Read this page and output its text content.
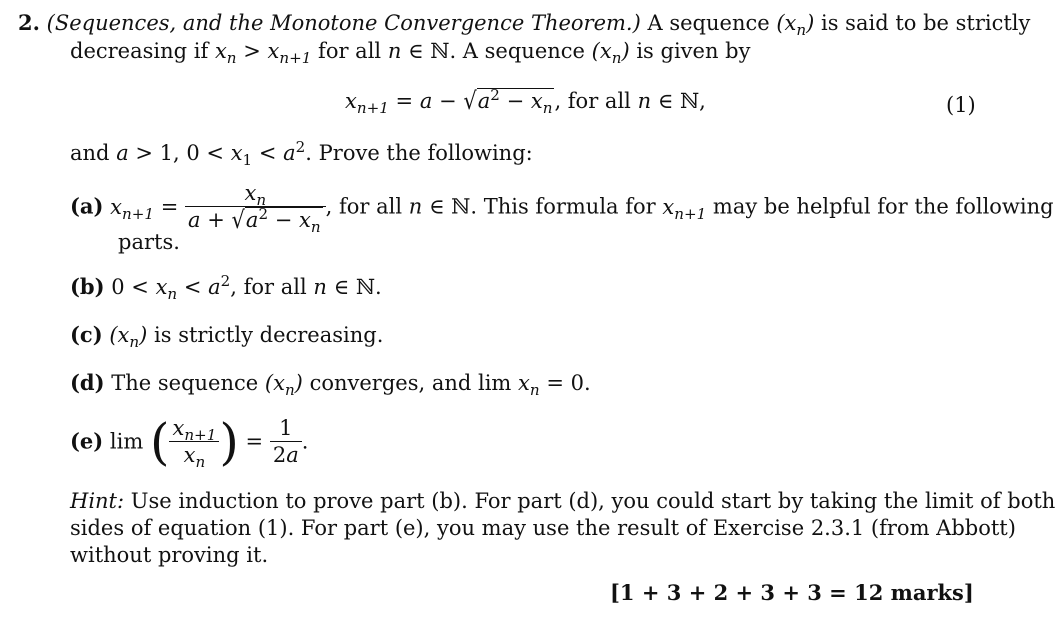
2. (Sequences, and the Monotone Convergence Theorem.) A sequence $(x_n)$ is said to be strictly
decreasing if $x_n > x_{n+1}$ for all n ∈ ℕ. A sequence $(x_n)$ is given by
$x_{n+1} = a - √a^2 - x_n$, for all n ∈ ℕ,	(1)
and a > 1, $0 < x_1 < a^2$. Prove the following:
(a) $x_{n+1} = \frac{x_n}{a + √a^2 - x_n}$ , for all n ∈ ℕ. This formula for $x_{n+1}$ may be helpful for the following
parts.
(b) $0 < x_n < a^2$, for all n ∈ ℕ.
(c) $(x_n)$ is strictly decreasing.
(d) The sequence $(x_n)$ converges, and $\lim x_n = 0$.
(e) lim ( $\frac{x_{n+1}}{x_n}$ ) = $\frac{1}{2a}$ .
Hint: Use induction to prove part (b). For part (d), you could start by taking the limit of both
sides of equation (1). For part (e), you may use the result of Exercise 2.3.1 (from Abbott)
without proving it.
[1 + 3 + 2 + 3 + 3 = 12 marks]
